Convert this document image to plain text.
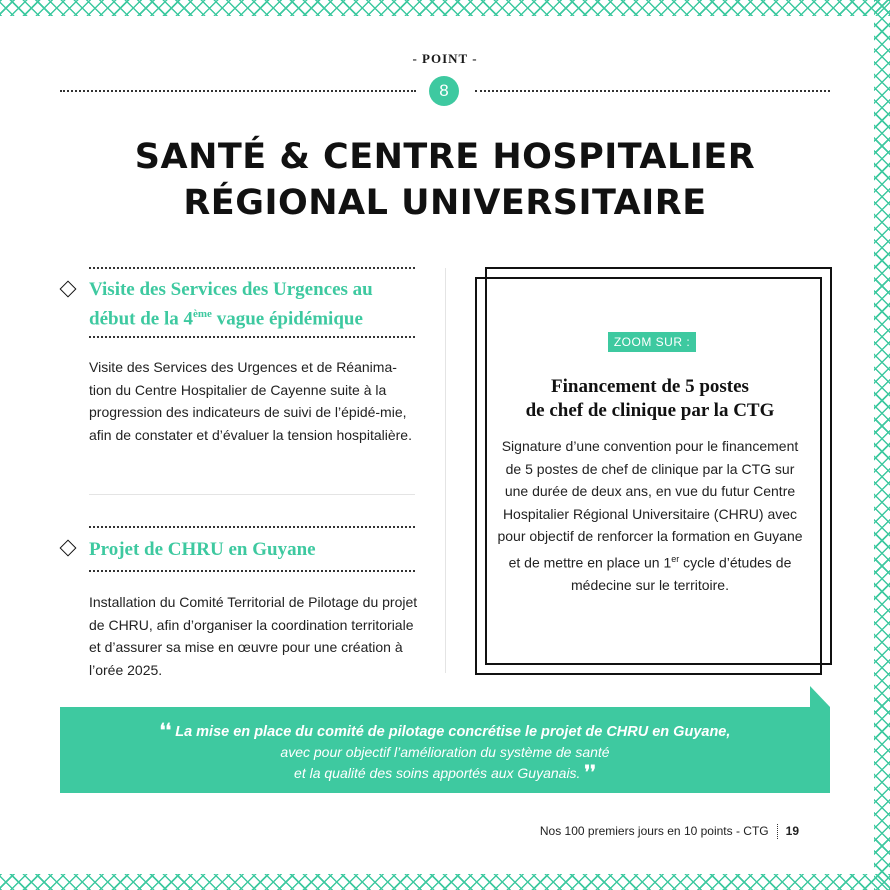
- POINT -
8
SANTÉ & CENTRE HOSPITALIER
RÉGIONAL UNIVERSITAIRE
Visite des Services des Urgences au
début de la 4ème vague épidémique
Visite des Services des Urgences et de Réanima-tion du Centre Hospitalier de Cayenne suite à la progression des indicateurs de suivi de l’épidé-mie, afin de constater et d’évaluer la tension hospitalière.
Projet de CHRU en Guyane
Installation du Comité Territorial de Pilotage du projet de CHRU, afin d’organiser la coordination territoriale et d’assurer sa mise en œuvre pour une création à l’orée 2025.
ZOOM SUR :
Financement de 5 postes
de chef de clinique par la CTG
Signature d’une convention pour le financement de 5 postes de chef de clinique par la CTG sur une durée de deux ans, en vue du futur Centre Hospitalier Régional Universitaire (CHRU) avec pour objectif de renforcer la formation en Guyane et de mettre en place un 1er cycle d’études de médecine sur le territoire.
❛❛ La mise en place du comité de pilotage concrétise le projet de CHRU en Guyane,
avec pour objectif l’amélioration du système de santé
et la qualité des soins apportés aux Guyanais. ❜❜
Nos 100 premiers jours en 10 points - CTG 19
